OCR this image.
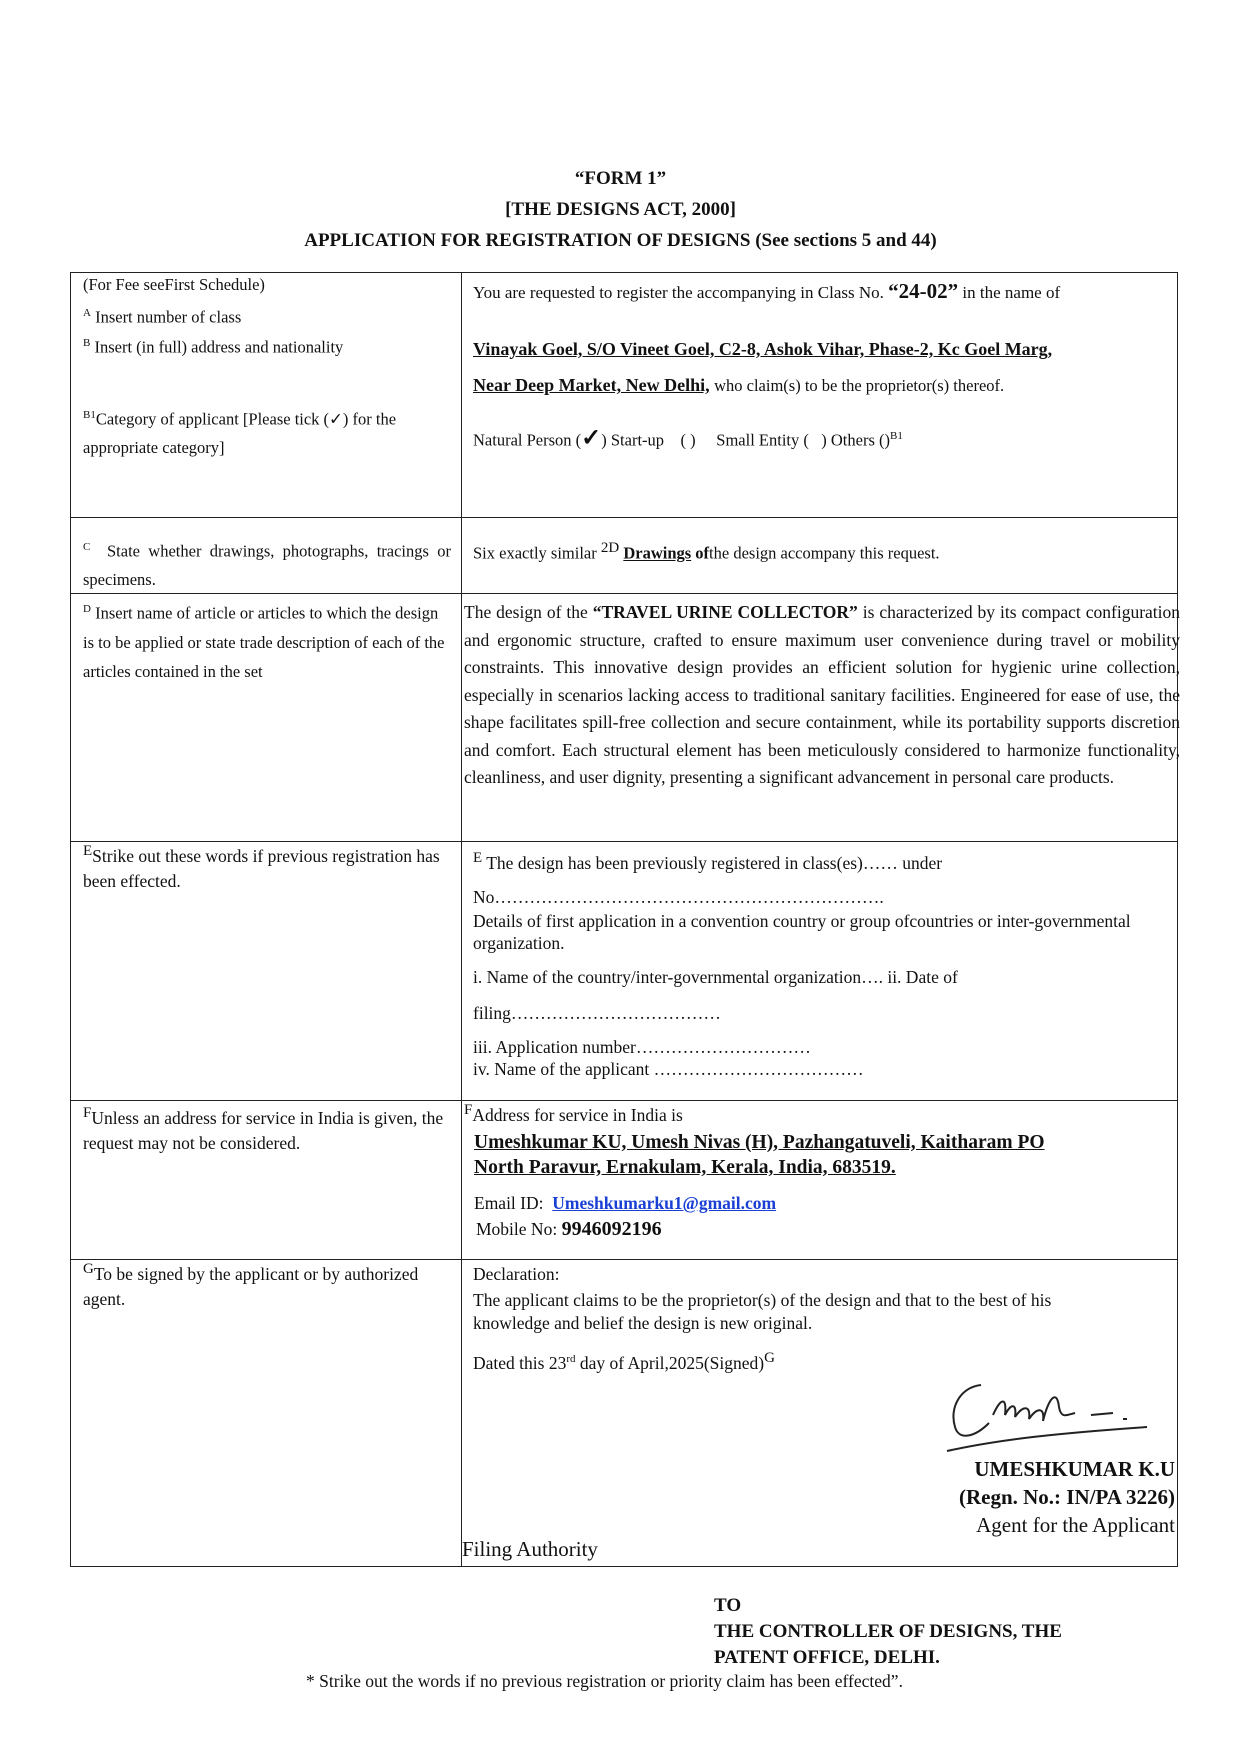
“FORM 1”
[THE DESIGNS ACT, 2000]
APPLICATION FOR REGISTRATION OF DESIGNS (See sections 5 and 44)
(For Fee seeFirst Schedule)
$^A$ Insert number of class
$^B$ Insert (in full) address and nationality
$^{B1}$Category of applicant [Please tick (✓) for the appropriate category]
You are requested to register the accompanying in Class No. “24-02” in the name of
Vinayak Goel, S/O Vineet Goel, C2-8, Ashok Vihar, Phase-2, Kc Goel Marg,
Near Deep Market, New Delhi, who claim(s) to be the proprietor(s) thereof.
Natural Person (✓) Start-up ( ) Small Entity ( ) Others ()$^{B1}$
$^C$ State whether drawings, photographs, tracings or specimens.
Six exactly similar $^{2D}$ Drawings ofthe design accompany this request.
$^D$ Insert name of article or articles to which the design is to be applied or state trade description of each of the articles contained in the set
The design of the “TRAVEL URINE COLLECTOR” is characterized by its compact configuration and ergonomic structure, crafted to ensure maximum user convenience during travel or mobility constraints. This innovative design provides an efficient solution for hygienic urine collection, especially in scenarios lacking access to traditional sanitary facilities. Engineered for ease of use, the shape facilitates spill-free collection and secure containment, while its portability supports discretion and comfort. Each structural element has been meticulously considered to harmonize functionality, cleanliness, and user dignity, presenting a significant advancement in personal care products.
$^E$Strike out these words if previous registration has been effected.
$^E$ The design has been previously registered in class(es)…… under
No………………………………………………………….
Details of first application in a convention country or group ofcountries or inter-governmental organization.
i. Name of the country/inter-governmental organization…. ii. Date of
filing………………………………
iii. Application number…………………………
iv. Name of the applicant ………………………………
$^F$Unless an address for service in India is given, the request may not be considered.
$^F$Address for service in India is
Umeshkumar KU, Umesh Nivas (H), Pazhangatuveli, Kaitharam PO
North Paravur, Ernakulam, Kerala, India, 683519.
Email ID: Umeshkumarku1@gmail.com
Mobile No: 9946092196
$^G$To be signed by the applicant or by authorized agent.
Declaration:
The applicant claims to be the proprietor(s) of the design and that to the best of his knowledge and belief the design is new original.
Dated this 23rd day of April,2025(Signed)$^G$
UMESHKUMAR K.U
(Regn. No.: IN/PA 3226)
Agent for the Applicant
Filing Authority
TO
THE CONTROLLER OF DESIGNS, THE
PATENT OFFICE, DELHI.
* Strike out the words if no previous registration or priority claim has been effected”.
